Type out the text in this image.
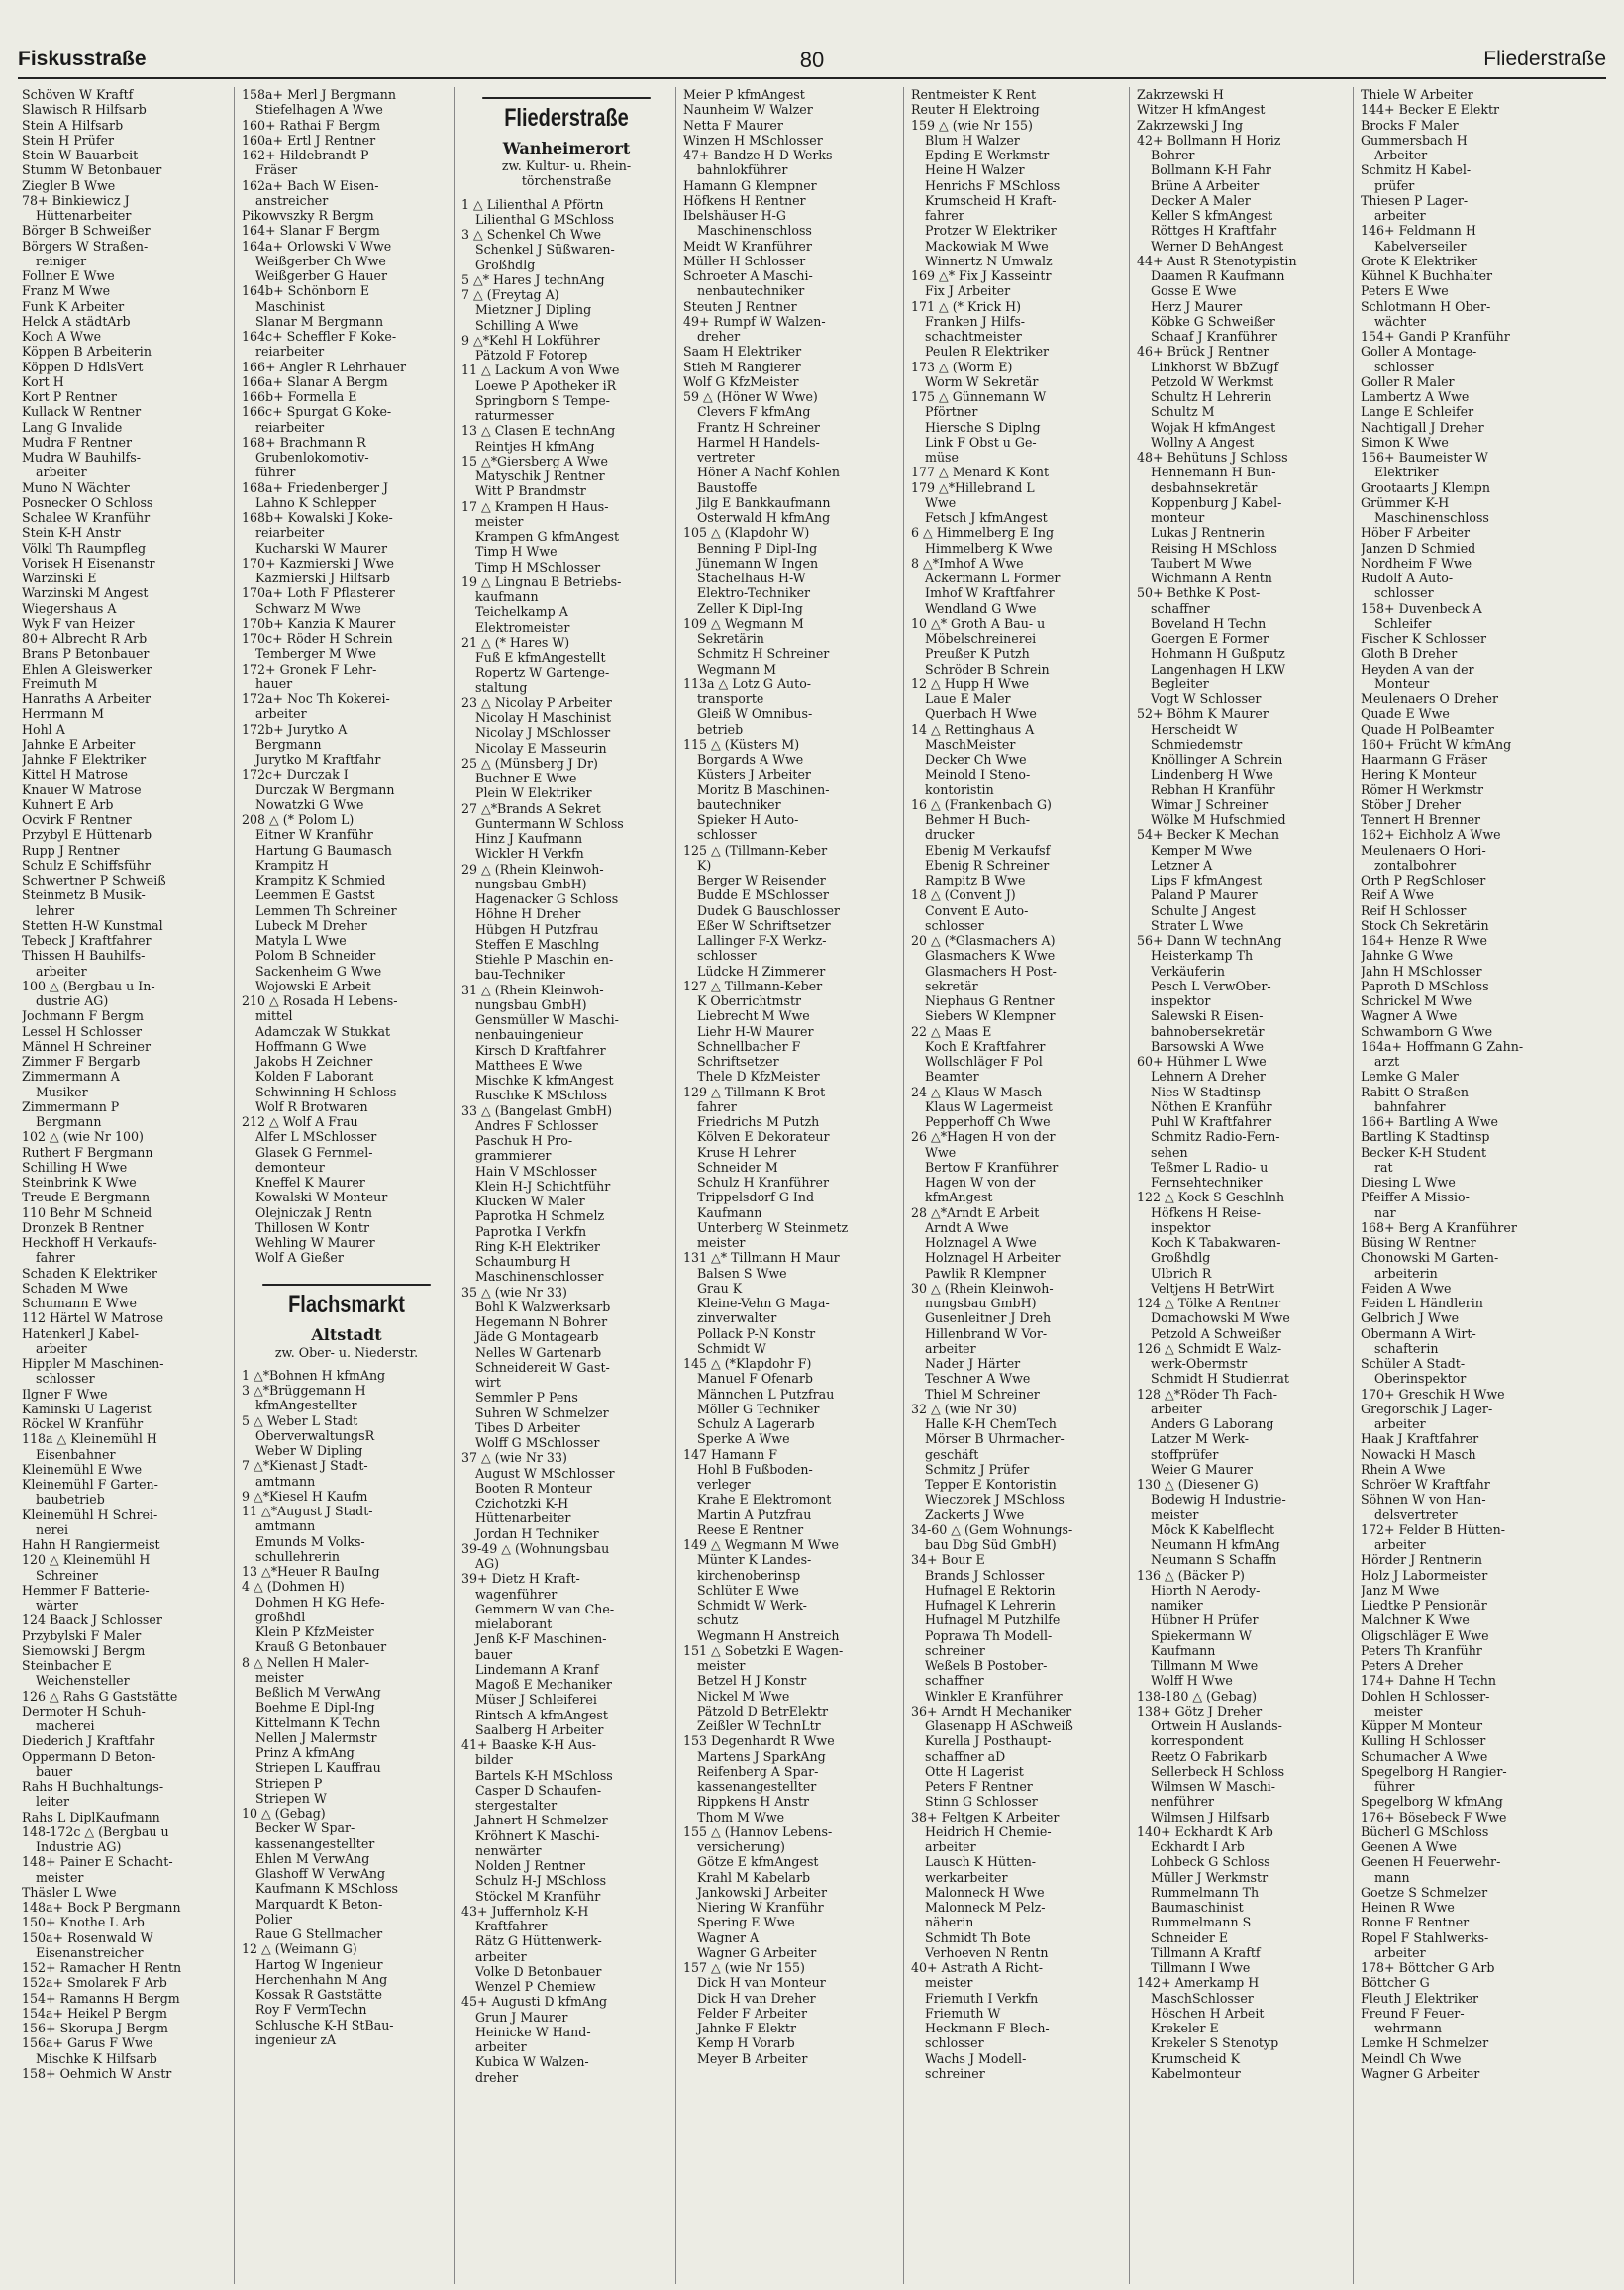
Fiskusstraße	80	Fliederstraße
Schöven W Kraftf
Slawisch R Hilfsarb
Stein A Hilfsarb
Stein H Prüfer
Stein W Bauarbeit
Stumm W Betonbauer
Ziegler B Wwe
78+ Binkiewicz J
Hüttenarbeiter
Börger B Schweißer
Börgers W Straßen-
reiniger
Follner E Wwe
Franz M Wwe
Funk K Arbeiter
Helck A städtArb
Koch A Wwe
Köppen B Arbeiterin
Köppen D HdlsVert
Kort H
Kort P Rentner
Kullack W Rentner
Lang G Invalide
Mudra F Rentner
Mudra W Bauhilfs-
arbeiter
Muno N Wächter
Posnecker O Schloss
Schalee W Kranführ
Stein K-H Anstr
Völkl Th Raumpfleg
Vorisek H Eisenanstr
Warzinski E
Warzinski M Angest
Wiegershaus A
Wyk F van Heizer
80+ Albrecht R Arb
Brans P Betonbauer
Ehlen A Gleiswerker
Freimuth M
Hanraths A Arbeiter
Herrmann M
Hohl A
Jahnke E Arbeiter
Jahnke F Elektriker
Kittel H Matrose
Knauer W Matrose
Kuhnert E Arb
Ocvirk F Rentner
Przybyl E Hüttenarb
Rupp J Rentner
Schulz E Schiffsführ
Schwertner P Schweiß
Steinmetz B Musik-
lehrer
Stetten H-W Kunstmal
Tebeck J Kraftfahrer
Thissen H Bauhilfs-
arbeiter
100 △ (Bergbau u In-
dustrie AG)
Jochmann F Bergm
Lessel H Schlosser
Männel H Schreiner
Zimmer F Bergarb
Zimmermann A
Musiker
Zimmermann P
Bergmann
102 △ (wie Nr 100)
Ruthert F Bergmann
Schilling H Wwe
Steinbrink K Wwe
Treude E Bergmann
110 Behr M Schneid
Dronzek B Rentner
Heckhoff H Verkaufs-
fahrer
Schaden K Elektriker
Schaden M Wwe
Schumann E Wwe
112 Härtel W Matrose
Hatenkerl J Kabel-
arbeiter
Hippler M Maschinen-
schlosser
Ilgner F Wwe
Kaminski U Lagerist
Röckel W Kranführ
118a △ Kleinemühl H
Eisenbahner
Kleinemühl E Wwe
Kleinemühl F Garten-
baubetrieb
Kleinemühl H Schrei-
nerei
Hahn H Rangiermeist
120 △ Kleinemühl H
Schreiner
Hemmer F Batterie-
wärter
124 Baack J Schlosser
Przybylski F Maler
Siemowski J Bergm
Steinbacher E
Weichensteller
126 △ Rahs G Gaststätte
Dermoter H Schuh-
macherei
Diederich J Kraftfahr
Oppermann D Beton-
bauer
Rahs H Buchhaltungs-
leiter
Rahs L DiplKaufmann
148-172c △ (Bergbau u
Industrie AG)
148+ Painer E Schacht-
meister
Thäsler L Wwe
148a+ Bock P Bergmann
150+ Knothe L Arb
150a+ Rosenwald W
Eisenanstreicher
152+ Ramacher H Rentn
152a+ Smolarek F Arb
154+ Ramanns H Bergm
154a+ Heikel P Bergm
156+ Skorupa J Bergm
156a+ Garus F Wwe
Mischke K Hilfsarb
158+ Oehmich W Anstr
158a+ Merl J Bergmann
Stiefelhagen A Wwe
160+ Rathai F Bergm
160a+ Ertl J Rentner
162+ Hildebrandt P
Fräser
162a+ Bach W Eisen-
anstreicher
Pikowvszky R Bergm
164+ Slanar F Bergm
164a+ Orlowski V Wwe
Weißgerber Ch Wwe
Weißgerber G Hauer
164b+ Schönborn E
Maschinist
Slanar M Bergmann
164c+ Scheffler F Koke-
reiarbeiter
166+ Angler R Lehrhauer
166a+ Slanar A Bergm
166b+ Formella E
166c+ Spurgat G Koke-
reiarbeiter
168+ Brachmann R
Grubenlokomotiv-
führer
168a+ Friedenberger J
Lahno K Schlepper
168b+ Kowalski J Koke-
reiarbeiter
Kucharski W Maurer
170+ Kazmierski J Wwe
Kazmierski J Hilfsarb
170a+ Loth F Pflasterer
Schwarz M Wwe
170b+ Kanzia K Maurer
170c+ Röder H Schrein
Temberger M Wwe
172+ Gronek F Lehr-
hauer
172a+ Noc Th Kokerei-
arbeiter
172b+ Jurytko A
Bergmann
Jurytko M Kraftfahr
172c+ Durczak I
Durczak W Bergmann
Nowatzki G Wwe
208 △ (* Polom L)
Eitner W Kranführ
Hartung G Baumasch
Krampitz H
Krampitz K Schmied
Leemmen E Gastst
Lemmen Th Schreiner
Lubeck M Dreher
Matyla L Wwe
Polom B Schneider
Sackenheim G Wwe
Wojowski E Arbeit
210 △ Rosada H Lebens-
mittel
Adamczak W Stukkat
Hoffmann G Wwe
Jakobs H Zeichner
Kolden F Laborant
Schwinning H Schloss
Wolf R Brotwaren
212 △ Wolf A Frau
Alfer L MSchlosser
Glasek G Fernmel-
demonteur
Kneffel K Maurer
Kowalski W Monteur
Olejniczak J Rentn
Thillosen W Kontr
Wehling W Maurer
Wolf A Gießer
Flachsmarkt
Altstadt
zw. Ober- u. Niederstr.
1 △*Bohnen H kfmAng
3 △*Brüggemann H
kfmAngestellter
5 △ Weber L Stadt
OberverwaltungsR
Weber W Dipling
7 △*Kienast J Stadt-
amtmann
9 △*Kiesel H Kaufm
11 △*August J Stadt-
amtmann
Emunds M Volks-
schullehrerin
13 △*Heuer R BauIng
4 △ (Dohmen H)
Dohmen H KG Hefe-
großhdl
Klein P KfzMeister
Krauß G Betonbauer
8 △ Nellen H Maler-
meister
Beßlich M VerwAng
Boehme E Dipl-Ing
Kittelmann K Techn
Nellen J Malermstr
Prinz A kfmAng
Striepen L Kauffrau
Striepen P
Striepen W
10 △ (Gebag)
Becker W Spar-
kassenangestellter
Ehlen M VerwAng
Glashoff W VerwAng
Kaufmann K MSchloss
Marquardt K Beton-
Polier
Raue G Stellmacher
12 △ (Weimann G)
Hartog W Ingenieur
Herchenhahn M Ang
Kossak R Gaststätte
Roy F VermTechn
Schlusche K-H StBau-
ingenieur zA
Fliederstraße
Wanheimerort
zw. Kultur- u. Rhein-
törchenstraße
1 △ Lilienthal A Pförtn
Lilienthal G MSchloss
3 △ Schenkel Ch Wwe
Schenkel J Süßwaren-
Großhdlg
5 △* Hares J technAng
7 △ (Freytag A)
Mietzner J Dipling
Schilling A Wwe
9 △*Kehl H Lokführer
Pätzold F Fotorep
11 △ Lackum A von Wwe
Loewe P Apotheker iR
Springborn S Tempe-
raturmesser
13 △ Clasen E technAng
Reintjes H kfmAng
15 △*Giersberg A Wwe
Matyschik J Rentner
Witt P Brandmstr
17 △ Krampen H Haus-
meister
Krampen G kfmAngest
Timp H Wwe
Timp H MSchlosser
19 △ Lingnau B Betriebs-
kaufmann
Teichelkamp A
Elektromeister
21 △ (* Hares W)
Fuß E kfmAngestellt
Ropertz W Gartenge-
staltung
23 △ Nicolay P Arbeiter
Nicolay H Maschinist
Nicolay J MSchlosser
Nicolay E Masseurin
25 △ (Münsberg J Dr)
Buchner E Wwe
Plein W Elektriker
27 △*Brands A Sekret
Guntermann W Schloss
Hinz J Kaufmann
Wickler H Verkfn
29 △ (Rhein Kleinwoh-
nungsbau GmbH)
Hagenacker G Schloss
Höhne H Dreher
Hübgen H Putzfrau
Steffen E Maschlng
Stiehle P Maschin en-
bau-Techniker
31 △ (Rhein Kleinwoh-
nungsbau GmbH)
Gensmüller W Maschi-
nenbauingenieur
Kirsch D Kraftfahrer
Matthees E Wwe
Mischke K kfmAngest
Ruschke K MSchloss
33 △ (Bangelast GmbH)
Andres F Schlosser
Paschuk H Pro-
grammierer
Hain V MSchlosser
Klein H-J Schichtführ
Klucken W Maler
Paprotka H Schmelz
Paprotka I Verkfn
Ring K-H Elektriker
Schaumburg H
Maschinenschlosser
35 △ (wie Nr 33)
Bohl K Walzwerksarb
Hegemann N Bohrer
Jäde G Montagearb
Nelles W Gartenarb
Schneidereit W Gast-
wirt
Semmler P Pens
Suhren W Schmelzer
Tibes D Arbeiter
Wolff G MSchlosser
37 △ (wie Nr 33)
August W MSchlosser
Booten R Monteur
Czichotzki K-H
Hüttenarbeiter
Jordan H Techniker
39-49 △ (Wohnungsbau
AG)
39+ Dietz H Kraft-
wagenführer
Gemmern W van Che-
mielaborant
Jenß K-F Maschinen-
bauer
Lindemann A Kranf
Magoß E Mechaniker
Müser J Schleiferei
Rintsch A kfmAngest
Saalberg H Arbeiter
41+ Baaske K-H Aus-
bilder
Bartels K-H MSchloss
Casper D Schaufen-
stergestalter
Jahnert H Schmelzer
Kröhnert K Maschi-
nenwärter
Nolden J Rentner
Schulz H-J MSchloss
Stöckel M Kranführ
43+ Juffernholz K-H
Kraftfahrer
Rätz G Hüttenwerk-
arbeiter
Volke D Betonbauer
Wenzel P Chemiew
45+ Augusti D kfmAng
Grun J Maurer
Heinicke W Hand-
arbeiter
Kubica W Walzen-
dreher
Meier P kfmAngest
Naunheim W Walzer
Netta F Maurer
Winzen H MSchlosser
47+ Bandze H-D Werks-
bahnlokführer
Hamann G Klempner
Höfkens H Rentner
Ibelshäuser H-G
Maschinenschloss
Meidt W Kranführer
Müller H Schlosser
Schroeter A Maschi-
nenbautechniker
Steuten J Rentner
49+ Rumpf W Walzen-
dreher
Saam H Elektriker
Stieh M Rangierer
Wolf G KfzMeister
59 △ (Höner W Wwe)
Clevers F kfmAng
Frantz H Schreiner
Harmel H Handels-
vertreter
Höner A Nachf Kohlen
Baustoffe
Jilg E Bankkaufmann
Osterwald H kfmAng
105 △ (Klapdohr W)
Benning P Dipl-Ing
Jünemann W Ingen
Stachelhaus H-W
Elektro-Techniker
Zeller K Dipl-Ing
109 △ Wegmann M
Sekretärin
Schmitz H Schreiner
Wegmann M
113a △ Lotz G Auto-
transporte
Gleiß W Omnibus-
betrieb
115 △ (Küsters M)
Borgards A Wwe
Küsters J Arbeiter
Moritz B Maschinen-
bautechniker
Spieker H Auto-
schlosser
125 △ (Tillmann-Keber
K)
Berger W Reisender
Budde E MSchlosser
Dudek G Bauschlosser
Eßer W Schriftsetzer
Lallinger F-X Werkz-
schlosser
Lüdcke H Zimmerer
127 △ Tillmann-Keber
K Oberrichtmstr
Liebrecht M Wwe
Liehr H-W Maurer
Schnellbacher F
Schriftsetzer
Thele D KfzMeister
129 △ Tillmann K Brot-
fahrer
Friedrichs M Putzh
Kölven E Dekorateur
Kruse H Lehrer
Schneider M
Schulz H Kranführer
Trippelsdorf G Ind
Kaufmann
Unterberg W Steinmetz
meister
131 △* Tillmann H Maur
Balsen S Wwe
Grau K
Kleine-Vehn G Maga-
zinverwalter
Pollack P-N Konstr
Schmidt W
145 △ (*Klapdohr F)
Manuel F Ofenarb
Männchen L Putzfrau
Möller G Techniker
Schulz A Lagerarb
Sperke A Wwe
147 Hamann F
Hohl B Fußboden-
verleger
Krahe E Elektromont
Martin A Putzfrau
Reese E Rentner
149 △ Wegmann M Wwe
Münter K Landes-
kirchenoberinsp
Schlüter E Wwe
Schmidt W Werk-
schutz
Wegmann H Anstreich
151 △ Sobetzki E Wagen-
meister
Betzel H J Konstr
Nickel M Wwe
Pätzold D BetrElektr
Zeißler W TechnLtr
153 Degenhardt R Wwe
Martens J SparkAng
Reifenberg A Spar-
kassenangestellter
Rippkens H Anstr
Thom M Wwe
155 △ (Hannov Lebens-
versicherung)
Götze E kfmAngest
Krahl M Kabelarb
Jankowski J Arbeiter
Niering W Kranführ
Spering E Wwe
Wagner A
Wagner G Arbeiter
157 △ (wie Nr 155)
Dick H van Monteur
Dick H van Dreher
Felder F Arbeiter
Jahnke F Elektr
Kemp H Vorarb
Meyer B Arbeiter
Rentmeister K Rent
Reuter H Elektroing
159 △ (wie Nr 155)
Blum H Walzer
Epding E Werkmstr
Heine H Walzer
Henrichs F MSchloss
Krumscheid H Kraft-
fahrer
Protzer W Elektriker
Mackowiak M Wwe
Winnertz N Umwalz
169 △* Fix J Kasseintr
Fix J Arbeiter
171 △ (* Krick H)
Franken J Hilfs-
schachtmeister
Peulen R Elektriker
173 △ (Worm E)
Worm W Sekretär
175 △ Günnemann W
Pförtner
Hiersche S Diplng
Link F Obst u Ge-
müse
177 △ Menard K Kont
179 △*Hillebrand L
Wwe
Fetsch J kfmAngest
6 △ Himmelberg E Ing
Himmelberg K Wwe
8 △*Imhof A Wwe
Ackermann L Former
Imhof W Kraftfahrer
Wendland G Wwe
10 △* Groth A Bau- u
Möbelschreinerei
Preußer K Putzh
Schröder B Schrein
12 △ Hupp H Wwe
Laue E Maler
Querbach H Wwe
14 △ Rettinghaus A
MaschMeister
Decker Ch Wwe
Meinold I Steno-
kontoristin
16 △ (Frankenbach G)
Behmer H Buch-
drucker
Ebenig M Verkaufsf
Ebenig R Schreiner
Rampitz B Wwe
18 △ (Convent J)
Convent E Auto-
schlosser
20 △ (*Glasmachers A)
Glasmachers K Wwe
Glasmachers H Post-
sekretär
Niephaus G Rentner
Siebers W Klempner
22 △ Maas E
Koch E Kraftfahrer
Wollschläger F Pol
Beamter
24 △ Klaus W Masch
Klaus W Lagermeist
Pepperhoff Ch Wwe
26 △*Hagen H von der
Wwe
Bertow F Kranführer
Hagen W von der
kfmAngest
28 △*Arndt E Arbeit
Arndt A Wwe
Holznagel A Wwe
Holznagel H Arbeiter
Pawlik R Klempner
30 △ (Rhein Kleinwoh-
nungsbau GmbH)
Gusenleitner J Dreh
Hillenbrand W Vor-
arbeiter
Nader J Härter
Teschner A Wwe
Thiel M Schreiner
32 △ (wie Nr 30)
Halle K-H ChemTech
Mörser B Uhrmacher-
geschäft
Schmitz J Prüfer
Tepper E Kontoristin
Wieczorek J MSchloss
Zackerts J Wwe
34-60 △ (Gem Wohnungs-
bau Dbg Süd GmbH)
34+ Bour E
Brands J Schlosser
Hufnagel E Rektorin
Hufnagel K Lehrerin
Hufnagel M Putzhilfe
Poprawa Th Modell-
schreiner
Weßels B Postober-
schaffner
Winkler E Kranführer
36+ Arndt H Mechaniker
Glasenapp H ASchweiß
Kurella J Posthaupt-
schaffner aD
Otte H Lagerist
Peters F Rentner
Stinn G Schlosser
38+ Feltgen K Arbeiter
Heidrich H Chemie-
arbeiter
Lausch K Hütten-
werkarbeiter
Malonneck H Wwe
Malonneck M Pelz-
näherin
Schmidt Th Bote
Verhoeven N Rentn
40+ Astrath A Richt-
meister
Friemuth I Verkfn
Friemuth W
Heckmann F Blech-
schlosser
Wachs J Modell-
schreiner
Zakrzewski H
Witzer H kfmAngest
Zakrzewski J Ing
42+ Bollmann H Horiz
Bohrer
Bollmann K-H Fahr
Brüne A Arbeiter
Decker A Maler
Keller S kfmAngest
Röttges H Kraftfahr
Werner D BehAngest
44+ Aust R Stenotypistin
Daamen R Kaufmann
Gosse E Wwe
Herz J Maurer
Köbke G Schweißer
Schaaf J Kranführer
46+ Brück J Rentner
Linkhorst W BbZugf
Petzold W Werkmst
Schultz H Lehrerin
Schultz M
Wojak H kfmAngest
Wollny A Angest
48+ Behütuns J Schloss
Hennemann H Bun-
desbahnsekretär
Koppenburg J Kabel-
monteur
Lukas J Rentnerin
Reising H MSchloss
Taubert M Wwe
Wichmann A Rentn
50+ Bethke K Post-
schaffner
Boveland H Techn
Goergen E Former
Hohmann H Gußputz
Langenhagen H LKW
Begleiter
Vogt W Schlosser
52+ Böhm K Maurer
Herscheidt W
Schmiedemstr
Knöllinger A Schrein
Lindenberg H Wwe
Rebhan H Kranführ
Wimar J Schreiner
Wölke M Hufschmied
54+ Becker K Mechan
Kemper M Wwe
Letzner A
Lips F kfmAngest
Paland P Maurer
Schulte J Angest
Strater L Wwe
56+ Dann W technAng
Heisterkamp Th
Verkäuferin
Pesch L VerwOber-
inspektor
Salewski R Eisen-
bahnobersekretär
Barsowski A Wwe
60+ Hühmer L Wwe
Lehnern A Dreher
Nies W Stadtinsp
Nöthen E Kranführ
Puhl W Kraftfahrer
Schmitz Radio-Fern-
sehen
Teßmer L Radio- u
Fernsehtechniker
122 △ Kock S Geschlnh
Höfkens H Reise-
inspektor
Koch K Tabakwaren-
Großhdlg
Ulbrich R
Veltjens H BetrWirt
124 △ Tölke A Rentner
Domachowski M Wwe
Petzold A Schweißer
126 △ Schmidt E Walz-
werk-Obermstr
Schmidt H Studienrat
128 △*Röder Th Fach-
arbeiter
Anders G Laborang
Latzer M Werk-
stoffprüfer
Weier G Maurer
130 △ (Diesener G)
Bodewig H Industrie-
meister
Möck K Kabelflecht
Neumann H kfmAng
Neumann S Schaffn
136 △ (Bäcker P)
Hiorth N Aerody-
namiker
Hübner H Prüfer
Spiekermann W
Kaufmann
Tillmann M Wwe
Wolff H Wwe
138-180 △ (Gebag)
138+ Götz J Dreher
Ortwein H Auslands-
korrespondent
Reetz O Fabrikarb
Sellerbeck H Schloss
Wilmsen W Maschi-
nenführer
Wilmsen J Hilfsarb
140+ Eckhardt K Arb
Eckhardt I Arb
Lohbeck G Schloss
Müller J Werkmstr
Rummelmann Th
Baumaschinist
Rummelmann S
Schneider E
Tillmann A Kraftf
Tillmann I Wwe
142+ Amerkamp H
MaschSchlosser
Höschen H Arbeit
Krekeler E
Krekeler S Stenotyp
Krumscheid K
Kabelmonteur
Thiele W Arbeiter
144+ Becker E Elektr
Brocks F Maler
Gummersbach H
Arbeiter
Schmitz H Kabel-
prüfer
Thiesen P Lager-
arbeiter
146+ Feldmann H
Kabelverseiler
Grote K Elektriker
Kühnel K Buchhalter
Peters E Wwe
Schlotmann H Ober-
wächter
154+ Gandi P Kranführ
Goller A Montage-
schlosser
Goller R Maler
Lambertz A Wwe
Lange E Schleifer
Nachtigall J Dreher
Simon K Wwe
156+ Baumeister W
Elektriker
Grootaarts J Klempn
Grümmer K-H
Maschinenschloss
Höber F Arbeiter
Janzen D Schmied
Nordheim F Wwe
Rudolf A Auto-
schlosser
158+ Duvenbeck A
Schleifer
Fischer K Schlosser
Gloth B Dreher
Heyden A van der
Monteur
Meulenaers O Dreher
Quade E Wwe
Quade H PolBeamter
160+ Frücht W kfmAng
Haarmann G Fräser
Hering K Monteur
Römer H Werkmstr
Stöber J Dreher
Tennert H Brenner
162+ Eichholz A Wwe
Meulenaers O Hori-
zontalbohrer
Orth P RegSchloser
Reif A Wwe
Reif H Schlosser
Stock Ch Sekretärin
164+ Henze R Wwe
Jahnke G Wwe
Jahn H MSchlosser
Paproth D MSchloss
Schrickel M Wwe
Wagner A Wwe
Schwamborn G Wwe
164a+ Hoffmann G Zahn-
arzt
Lemke G Maler
Rabitt O Straßen-
bahnfahrer
166+ Bartling A Wwe
Bartling K Stadtinsp
Becker K-H Student
rat
Diesing L Wwe
Pfeiffer A Missio-
nar
168+ Berg A Kranführer
Büsing W Rentner
Chonowski M Garten-
arbeiterin
Feiden A Wwe
Feiden L Händlerin
Gelbrich J Wwe
Obermann A Wirt-
schafterin
Schüler A Stadt-
Oberinspektor
170+ Greschik H Wwe
Gregorschik J Lager-
arbeiter
Haak J Kraftfahrer
Nowacki H Masch
Rhein A Wwe
Schröer W Kraftfahr
Söhnen W von Han-
delsvertreter
172+ Felder B Hütten-
arbeiter
Hörder J Rentnerin
Holz J Labormeister
Janz M Wwe
Liedtke P Pensionär
Malchner K Wwe
Oligschläger E Wwe
Peters Th Kranführ
Peters A Dreher
174+ Dahne H Techn
Dohlen H Schlosser-
meister
Küpper M Monteur
Kulling H Schlosser
Schumacher A Wwe
Spegelborg H Rangier-
führer
Spegelborg W kfmAng
176+ Bösebeck F Wwe
Bücherl G MSchloss
Geenen A Wwe
Geenen H Feuerwehr-
mann
Goetze S Schmelzer
Heinen R Wwe
Ronne F Rentner
Ropel F Stahlwerks-
arbeiter
178+ Böttcher G Arb
Böttcher G
Fleuth J Elektriker
Freund F Feuer-
wehrmann
Lemke H Schmelzer
Meindl Ch Wwe
Wagner G Arbeiter
